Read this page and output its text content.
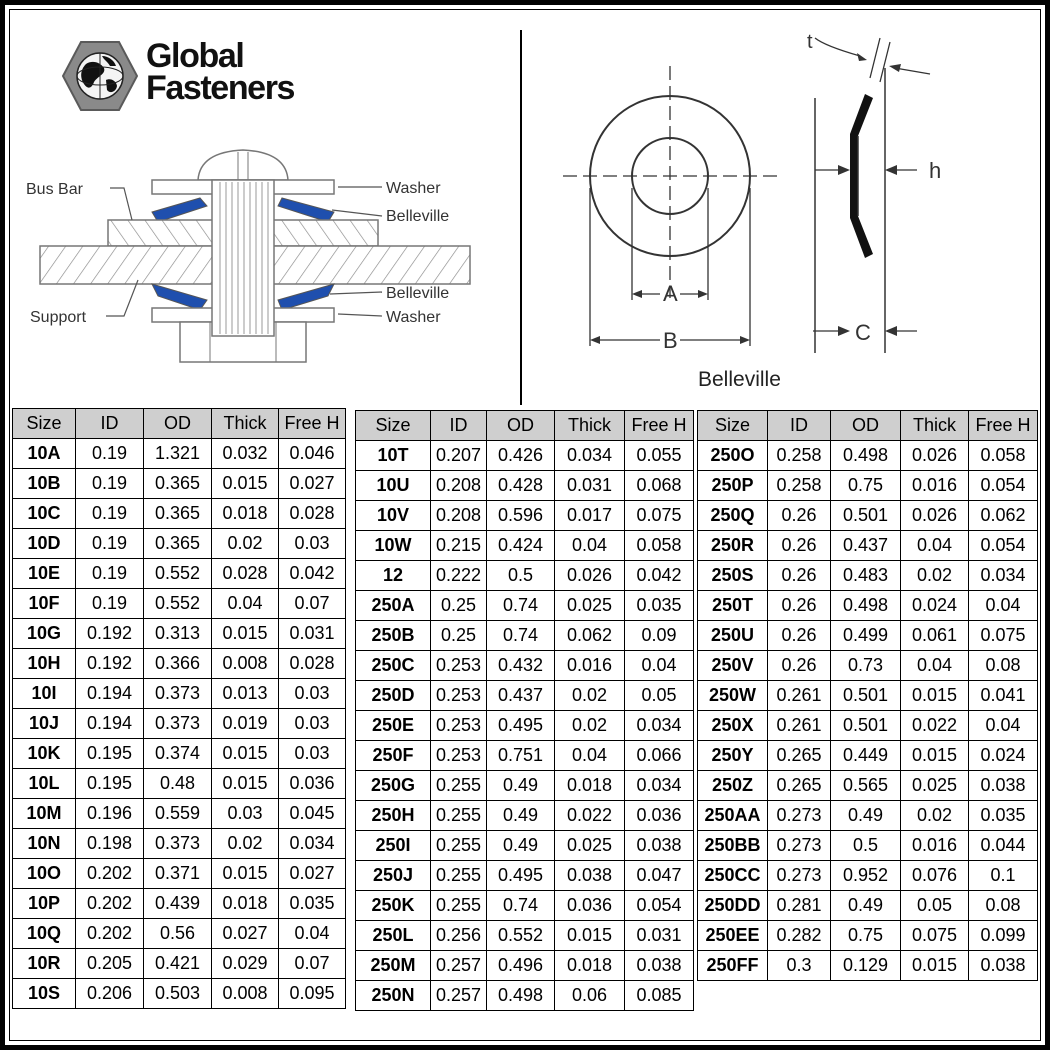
Global
Fasteners
Bus Bar
Support
Washer
Belleville
Belleville
Washer
t
h
A
B	C
Belleville
Size	ID	OD	Thick	Free H
10A	0.19	1.321	0.032	0.046
10B	0.19	0.365	0.015	0.027
10C	0.19	0.365	0.018	0.028
10D	0.19	0.365	0.02	0.03
10E	0.19	0.552	0.028	0.042
10F	0.19	0.552	0.04	0.07
10G	0.192	0.313	0.015	0.031
10H	0.192	0.366	0.008	0.028
10I	0.194	0.373	0.013	0.03
10J	0.194	0.373	0.019	0.03
10K	0.195	0.374	0.015	0.03
10L	0.195	0.48	0.015	0.036
10M	0.196	0.559	0.03	0.045
10N	0.198	0.373	0.02	0.034
10O	0.202	0.371	0.015	0.027
10P	0.202	0.439	0.018	0.035
10Q	0.202	0.56	0.027	0.04
10R	0.205	0.421	0.029	0.07
10S	0.206	0.503	0.008	0.095
Size	ID	OD	Thick	Free H
10T	0.207	0.426	0.034	0.055
10U	0.208	0.428	0.031	0.068
10V	0.208	0.596	0.017	0.075
10W	0.215	0.424	0.04	0.058
12	0.222	0.5	0.026	0.042
250A	0.25	0.74	0.025	0.035
250B	0.25	0.74	0.062	0.09
250C	0.253	0.432	0.016	0.04
250D	0.253	0.437	0.02	0.05
250E	0.253	0.495	0.02	0.034
250F	0.253	0.751	0.04	0.066
250G	0.255	0.49	0.018	0.034
250H	0.255	0.49	0.022	0.036
250I	0.255	0.49	0.025	0.038
250J	0.255	0.495	0.038	0.047
250K	0.255	0.74	0.036	0.054
250L	0.256	0.552	0.015	0.031
250M	0.257	0.496	0.018	0.038
250N	0.257	0.498	0.06	0.085
Size	ID	OD	Thick	Free H
250O	0.258	0.498	0.026	0.058
250P	0.258	0.75	0.016	0.054
250Q	0.26	0.501	0.026	0.062
250R	0.26	0.437	0.04	0.054
250S	0.26	0.483	0.02	0.034
250T	0.26	0.498	0.024	0.04
250U	0.26	0.499	0.061	0.075
250V	0.26	0.73	0.04	0.08
250W	0.261	0.501	0.015	0.041
250X	0.261	0.501	0.022	0.04
250Y	0.265	0.449	0.015	0.024
250Z	0.265	0.565	0.025	0.038
250AA	0.273	0.49	0.02	0.035
250BB	0.273	0.5	0.016	0.044
250CC	0.273	0.952	0.076	0.1
250DD	0.281	0.49	0.05	0.08
250EE	0.282	0.75	0.075	0.099
250FF	0.3	0.129	0.015	0.038
